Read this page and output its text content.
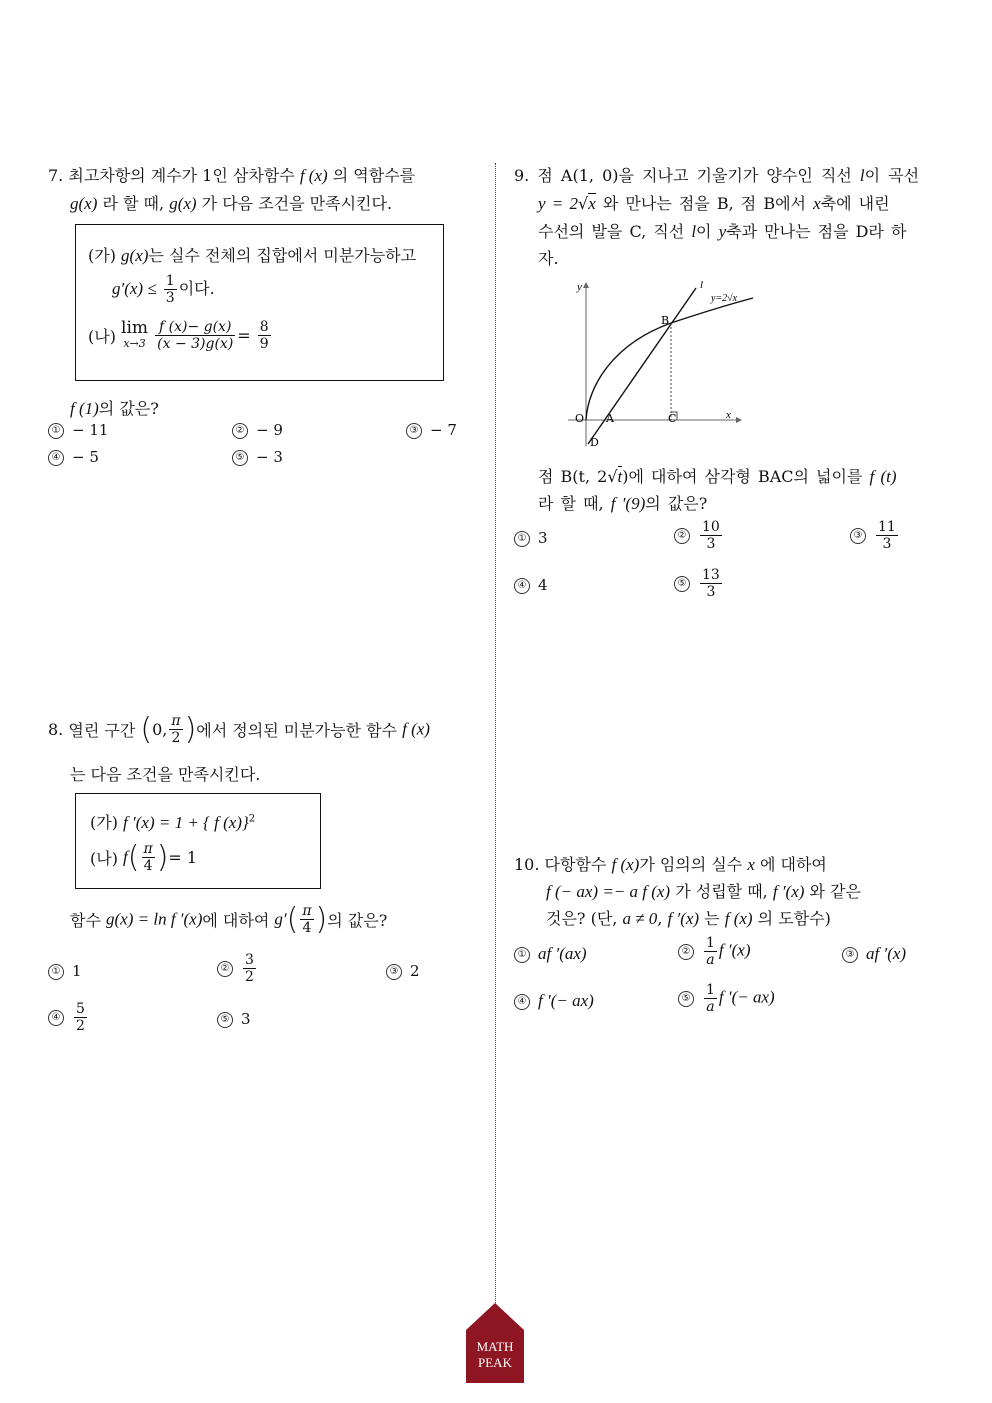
7. 최고차항의 계수가 1인 삼차함수 f (x) 의 역함수를
g(x) 라 할 때, g(x) 가 다음 조건을 만족시킨다.
(가) g(x)는 실수 전체의 집합에서 미분가능하고
$g'(x) \le \frac{1}{3}$ 이다.
(나) lim
x→3
$\frac{f (x)- g(x)}{(x - 3)g(x)} = \frac{8}{9}$
f (1)의 값은?
① − 11	② − 9	③ − 7
④ − 5	⑤ − 3
8. 열린 구간 (0, $\frac{\pi}{2}$ )에서 정의된 미분가능한 함수 f (x)
는 다음 조건을 만족시킨다.
(가) f ′(x) = 1 + { f (x)}$^2$
(나) $f( \frac{\pi}{4}$ )= 1
함수 g(x) = ln f ′(x)에 대하여 $g'( \frac{\pi}{4}$ )의 값은?
① 1	② $\frac{3}{2}$	③ 2
④ $\frac{5}{2}$	⑤ 3
9. 점 A(1, 0)을 지나고 기울기가 양수인 직선 l이 곡선
y = 2√x 와 만나는 점을 B, 점 B에서 x축에 내린
수선의 발을 C, 직선 l이 y축과 만나는 점을 D라 하
자.
y
x
O A
B
C
D
l
y=2√x
점 B(t, 2√t)에 대하여 삼각형 BAC의 넓이를 f (t)
라 할 때, f ′(9)의 값은?
① 3	② $\frac{10}{3}$	③ $\frac{11}{3}$
④ 4	⑤ $\frac{13}{3}$
10. 다항함수 f (x)가 임의의 실수 x 에 대하여
f (− ax) =− a f (x) 가 성립할 때, f ′(x) 와 같은
것은? (단, a ≠ 0, f ′(x) 는 f (x) 의 도함수)
① af ′(ax)	② $\frac{1}{a}$ f ′(x)	③ af ′(x)
④ f ′(− ax)	⑤ $\frac{1}{a}$ f ′(− ax)
MATH
PEAK
